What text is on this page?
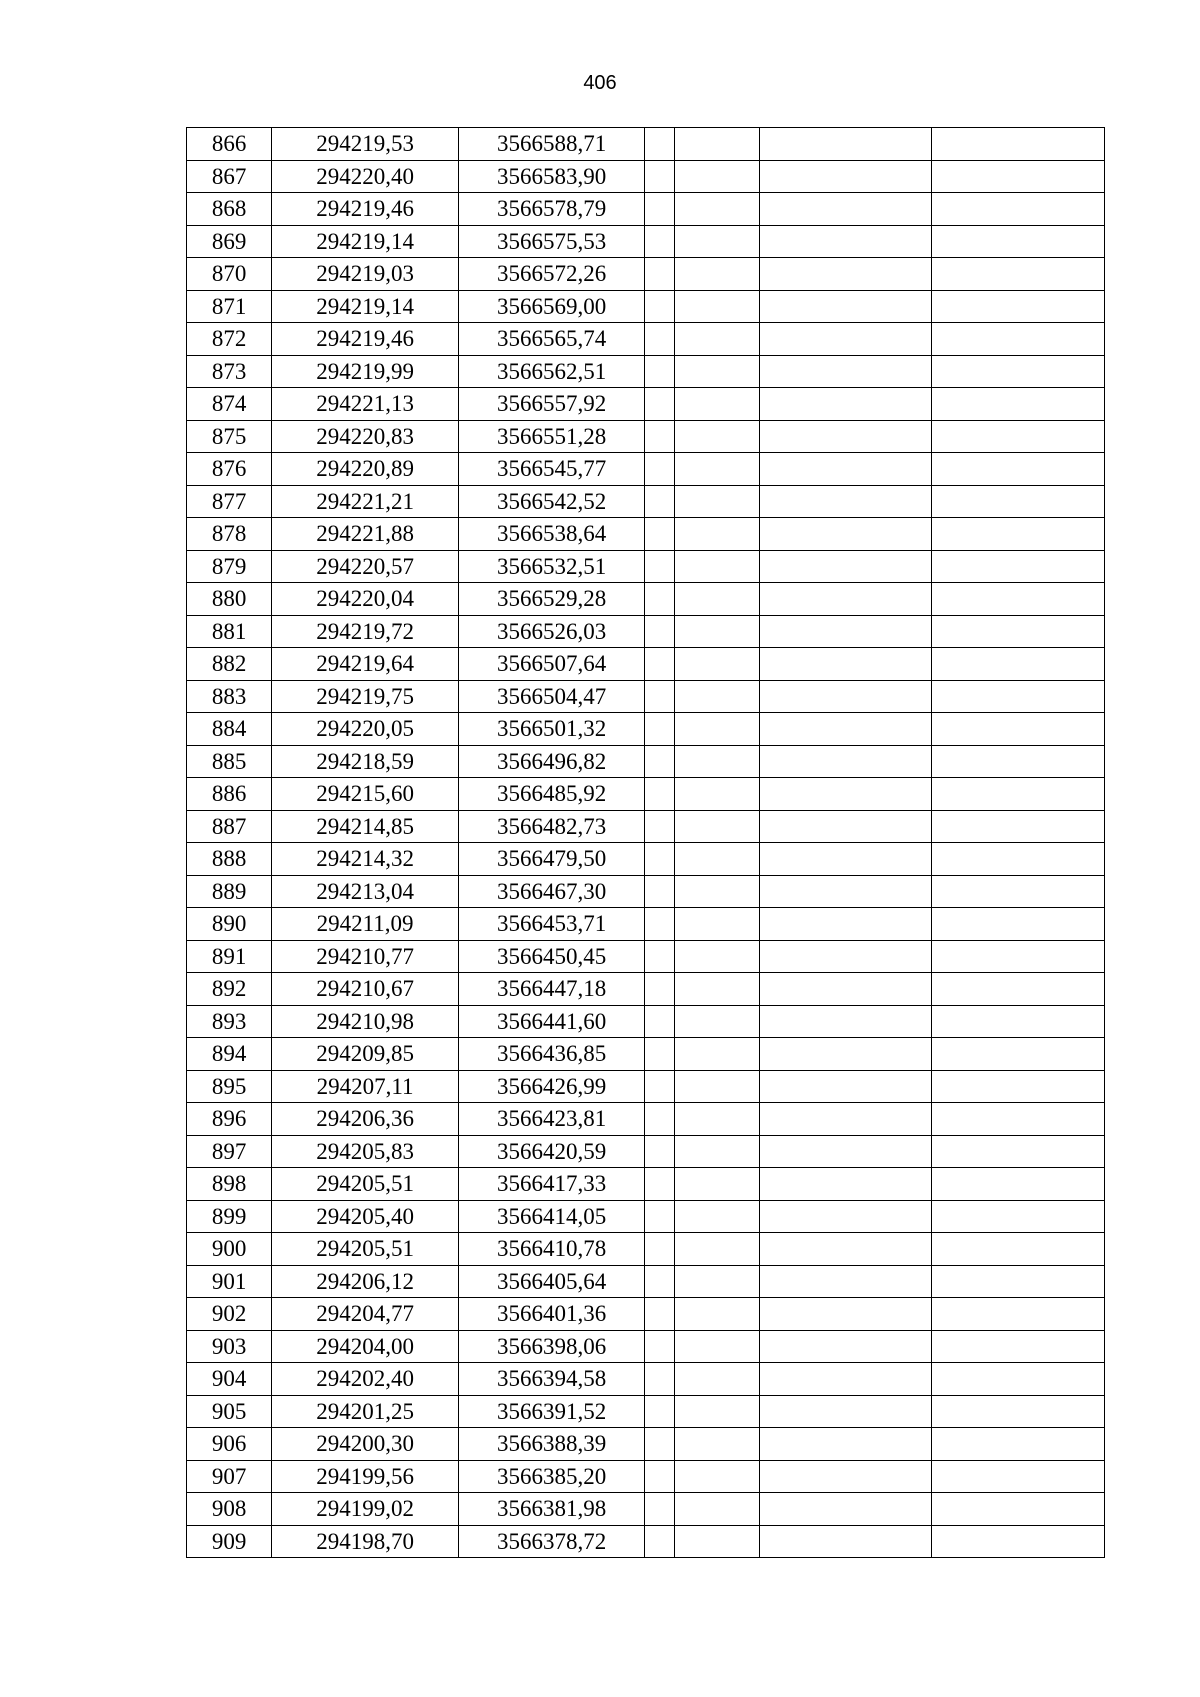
406
866	294219,53	3566588,71				
867	294220,40	3566583,90				
868	294219,46	3566578,79				
869	294219,14	3566575,53				
870	294219,03	3566572,26				
871	294219,14	3566569,00				
872	294219,46	3566565,74				
873	294219,99	3566562,51				
874	294221,13	3566557,92				
875	294220,83	3566551,28				
876	294220,89	3566545,77				
877	294221,21	3566542,52				
878	294221,88	3566538,64				
879	294220,57	3566532,51				
880	294220,04	3566529,28				
881	294219,72	3566526,03				
882	294219,64	3566507,64				
883	294219,75	3566504,47				
884	294220,05	3566501,32				
885	294218,59	3566496,82				
886	294215,60	3566485,92				
887	294214,85	3566482,73				
888	294214,32	3566479,50				
889	294213,04	3566467,30				
890	294211,09	3566453,71				
891	294210,77	3566450,45				
892	294210,67	3566447,18				
893	294210,98	3566441,60				
894	294209,85	3566436,85				
895	294207,11	3566426,99				
896	294206,36	3566423,81				
897	294205,83	3566420,59				
898	294205,51	3566417,33				
899	294205,40	3566414,05				
900	294205,51	3566410,78				
901	294206,12	3566405,64				
902	294204,77	3566401,36				
903	294204,00	3566398,06				
904	294202,40	3566394,58				
905	294201,25	3566391,52				
906	294200,30	3566388,39				
907	294199,56	3566385,20				
908	294199,02	3566381,98				
909	294198,70	3566378,72				
